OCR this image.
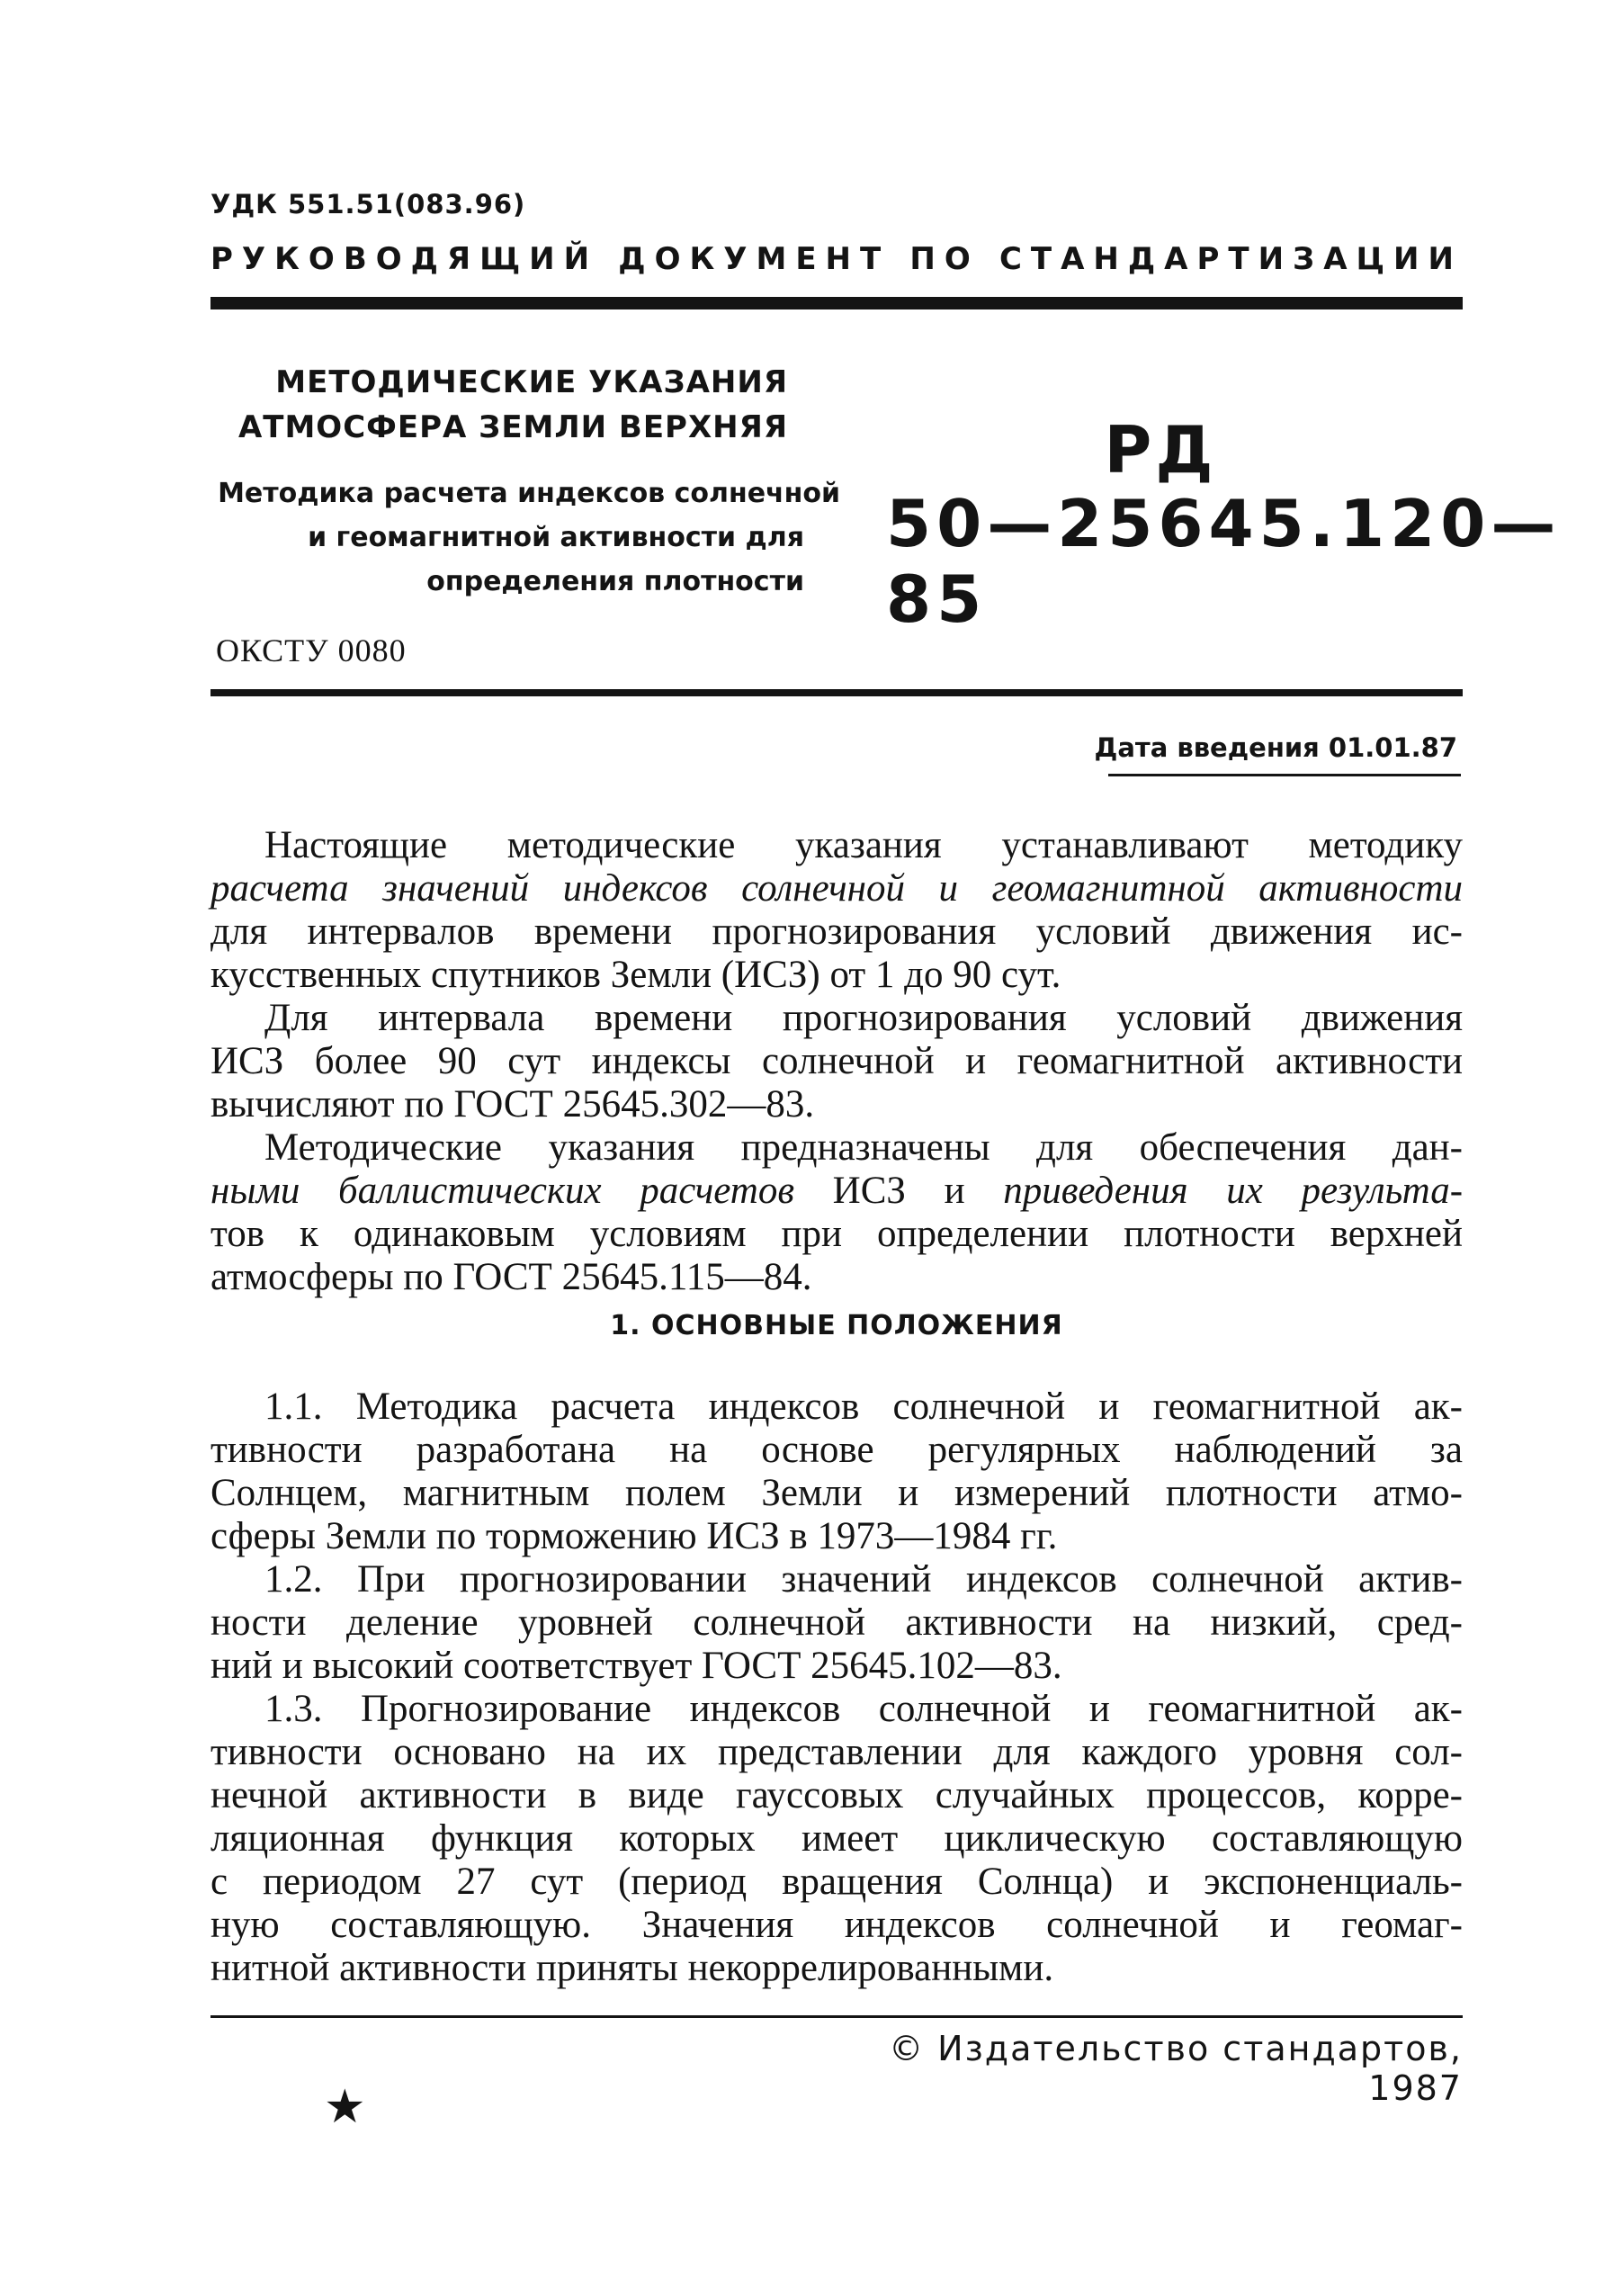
УДК 551.51(083.96)
РУКОВОДЯЩИЙ ДОКУМЕНТ ПО СТАНДАРТИЗАЦИИ
МЕТОДИЧЕСКИЕ УКАЗАНИЯ
АТМОСФЕРА ЗЕМЛИ ВЕРХНЯЯ
Методика расчета индексов солнечной
и геомагнитной активности для
определения плотности
РД
50—25645.120—85
ОКСТУ 0080
Дата введения 01.01.87
Настоящие методические указания устанавливают методику
расчета значений индексов солнечной и геомагнитной активности
для интервалов времени прогнозирования условий движения ис-
кусственных спутников Земли (ИСЗ) от 1 до 90 сут.
Для интервала времени прогнозирования условий движения
ИСЗ более 90 сут индексы солнечной и геомагнитной активности
вычисляют по ГОСТ 25645.302—83.
Методические указания предназначены для обеспечения дан-
ными баллистических расчетов ИСЗ и приведения их результа-
тов к одинаковым условиям при определении плотности верхней
атмосферы по ГОСТ 25645.115—84.
1. ОСНОВНЫЕ ПОЛОЖЕНИЯ
1.1. Методика расчета индексов солнечной и геомагнитной ак-
тивности разработана на основе регулярных наблюдений за
Солнцем, магнитным полем Земли и измерений плотности атмо-
сферы Земли по торможению ИСЗ в 1973—1984 гг.
1.2. При прогнозировании значений индексов солнечной актив-
ности деление уровней солнечной активности на низкий, сред-
ний и высокий соответствует ГОСТ 25645.102—83.
1.3. Прогнозирование индексов солнечной и геомагнитной ак-
тивности основано на их представлении для каждого уровня сол-
нечной активности в виде гауссовых случайных процессов, корре-
ляционная функция которых имеет циклическую составляющую
с периодом 27 сут (период вращения Солнца) и экспоненциаль-
ную составляющую. Значения индексов солнечной и геомаг-
нитной активности приняты некоррелированными.
© Издательство стандартов, 1987
★
